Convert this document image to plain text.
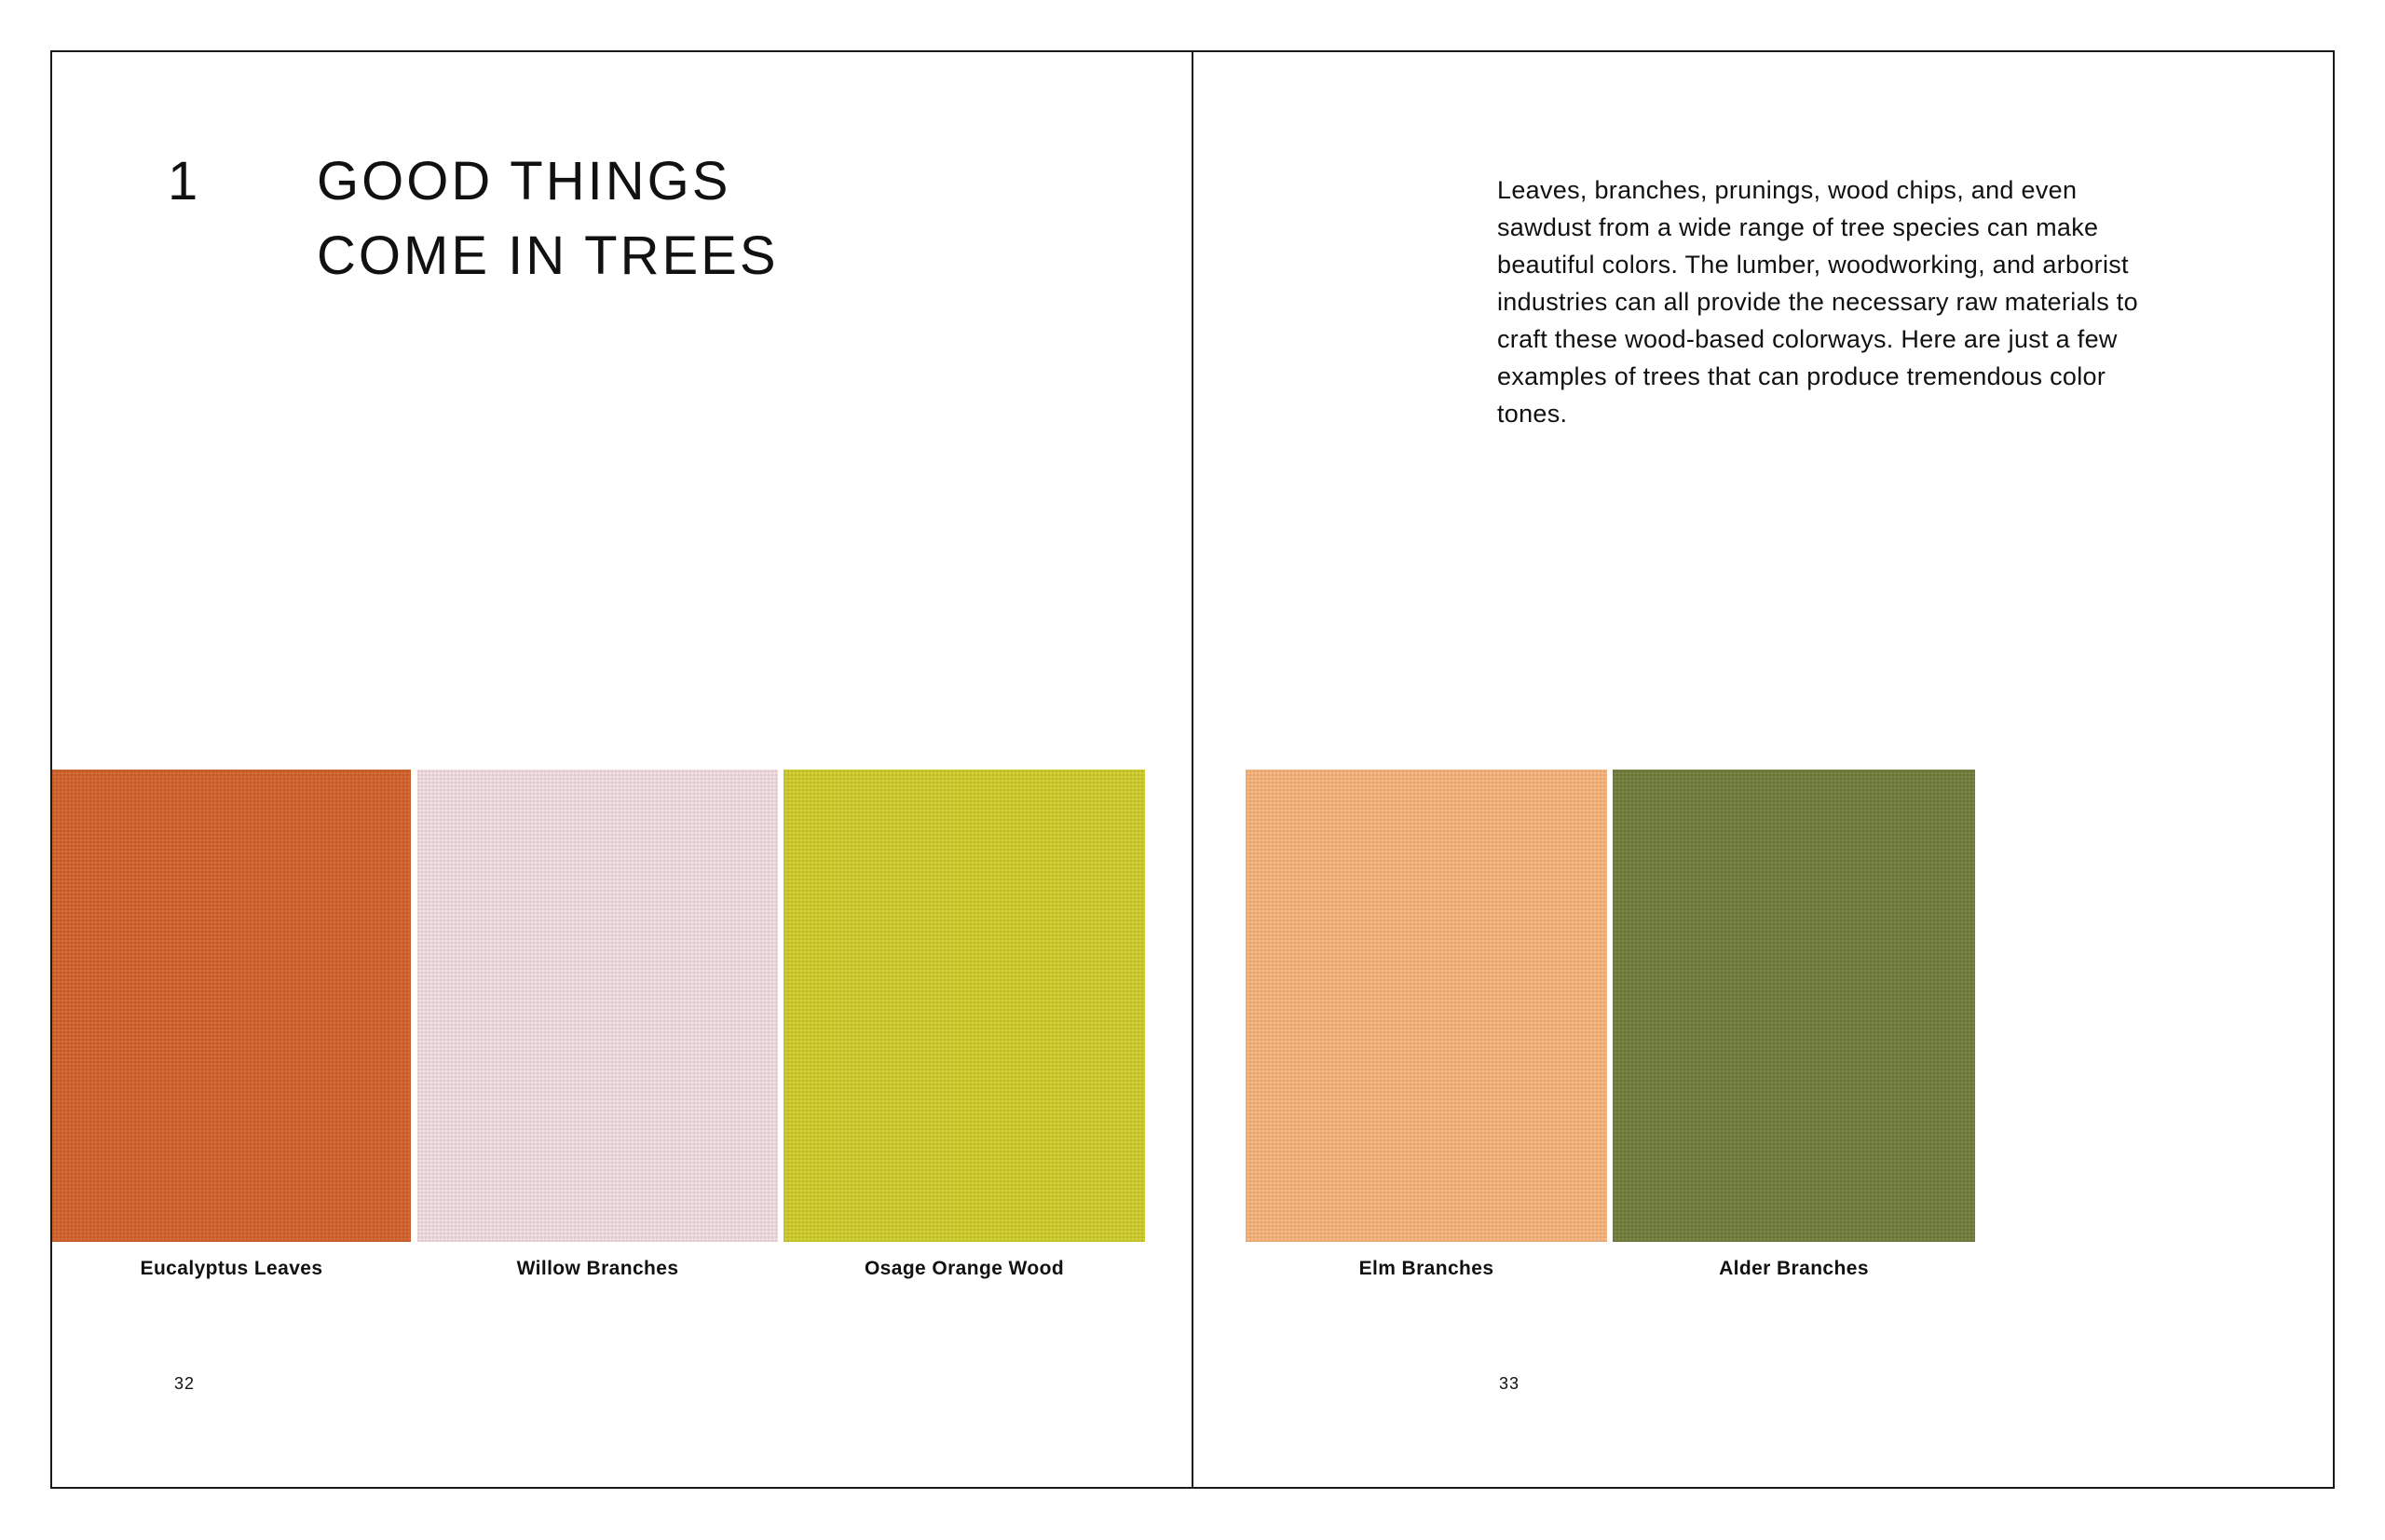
1 GOOD THINGS
COME IN TREES
Eucalyptus Leaves	Willow Branches	Osage Orange Wood
32
Leaves, branches, prunings, wood chips, and even sawdust from a wide range of tree species can make beautiful colors. The lumber, woodworking, and arborist industries can all provide the necessary raw materials to craft these wood-based colorways. Here are just a few examples of trees that can produce tremendous color tones.
Elm Branches	Alder Branches
33
